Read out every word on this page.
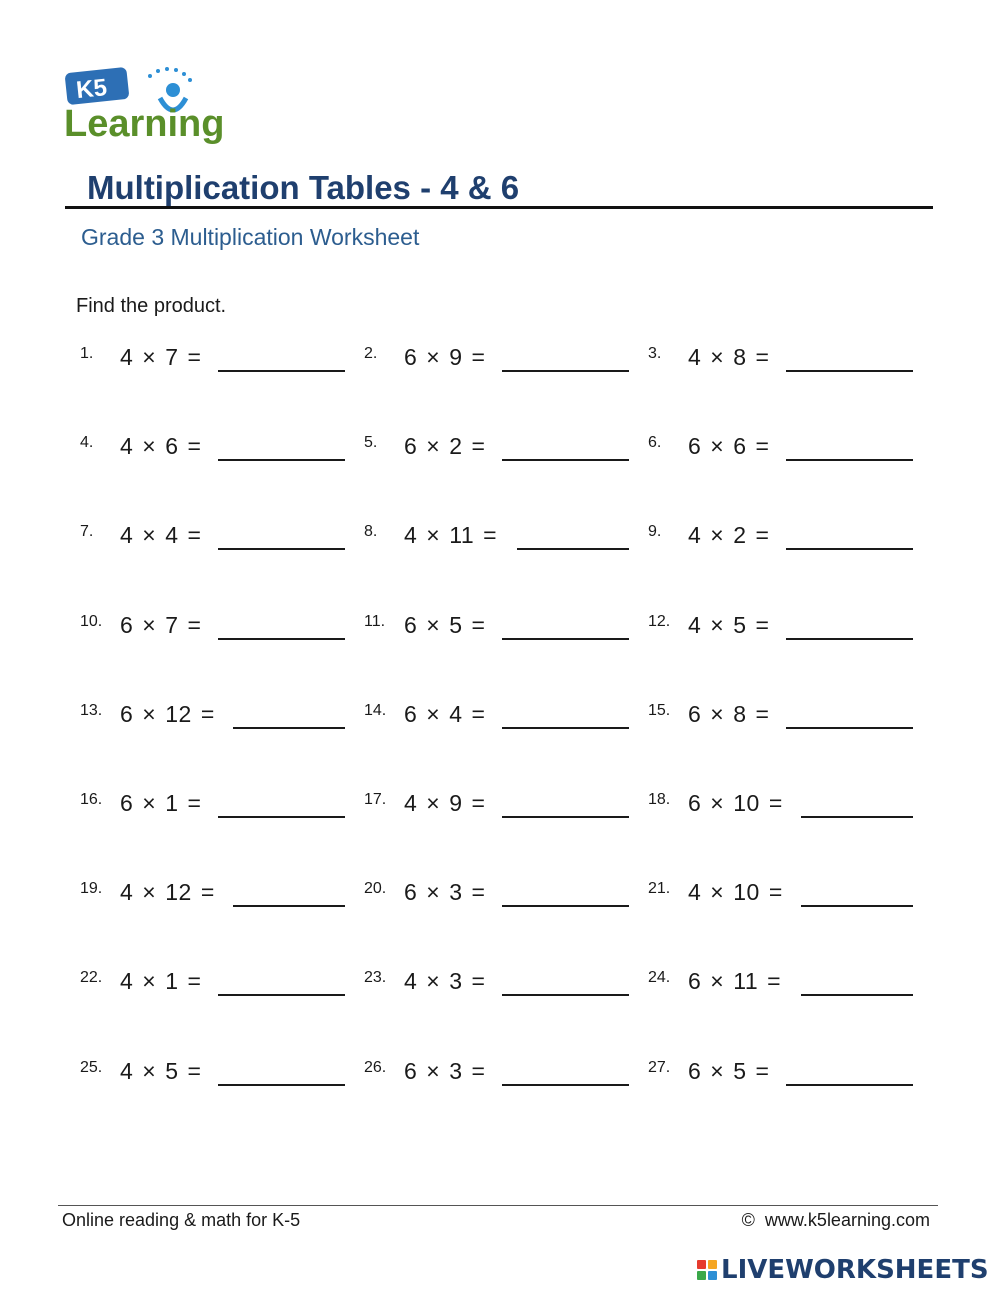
K5
Learning
Multiplication Tables - 4 & 6
Grade 3 Multiplication Worksheet
Find the product.
1. 4 × 7 =	2. 6 × 9 =	3. 4 × 8 =
4. 4 × 6 =	5. 6 × 2 =	6. 6 × 6 =
7. 4 × 4 =	8. 4 × 11 =	9. 4 × 2 =
10. 6 × 7 =	11. 6 × 5 =	12. 4 × 5 =
13. 6 × 12 =	14. 6 × 4 =	15. 6 × 8 =
16. 6 × 1 =	17. 4 × 9 =	18. 6 × 10 =
19. 4 × 12 =	20. 6 × 3 =	21. 4 × 10 =
22. 4 × 1 =	23. 4 × 3 =	24. 6 × 11 =
25. 4 × 5 =	26. 6 × 3 =	27. 6 × 5 =
Online reading & math for K-5	© www.k5learning.com
LIVEWORKSHEETS
